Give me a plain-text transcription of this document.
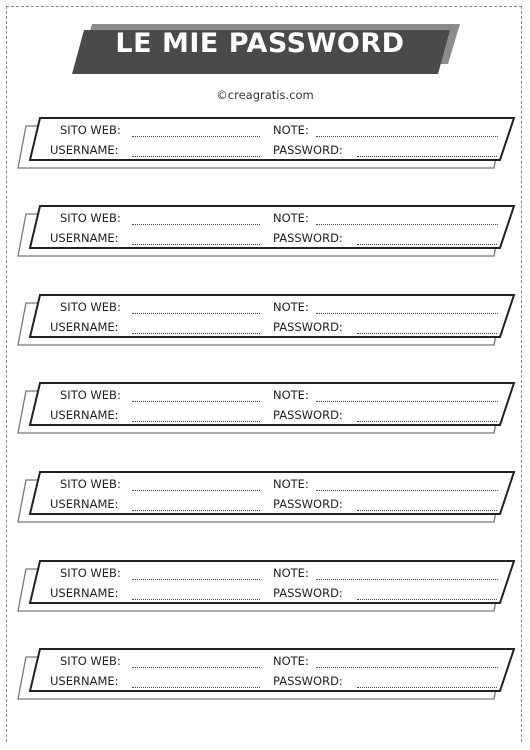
LE MIE PASSWORD
©creagratis.com
SITO WEB:	NOTE:
USERNAME:	PASSWORD:
SITO WEB:	NOTE:
USERNAME:	PASSWORD:
SITO WEB:	NOTE:
USERNAME:	PASSWORD:
SITO WEB:	NOTE:
USERNAME:	PASSWORD:
SITO WEB:	NOTE:
USERNAME:	PASSWORD:
SITO WEB:	NOTE:
USERNAME:	PASSWORD:
SITO WEB:	NOTE:
USERNAME:	PASSWORD:
